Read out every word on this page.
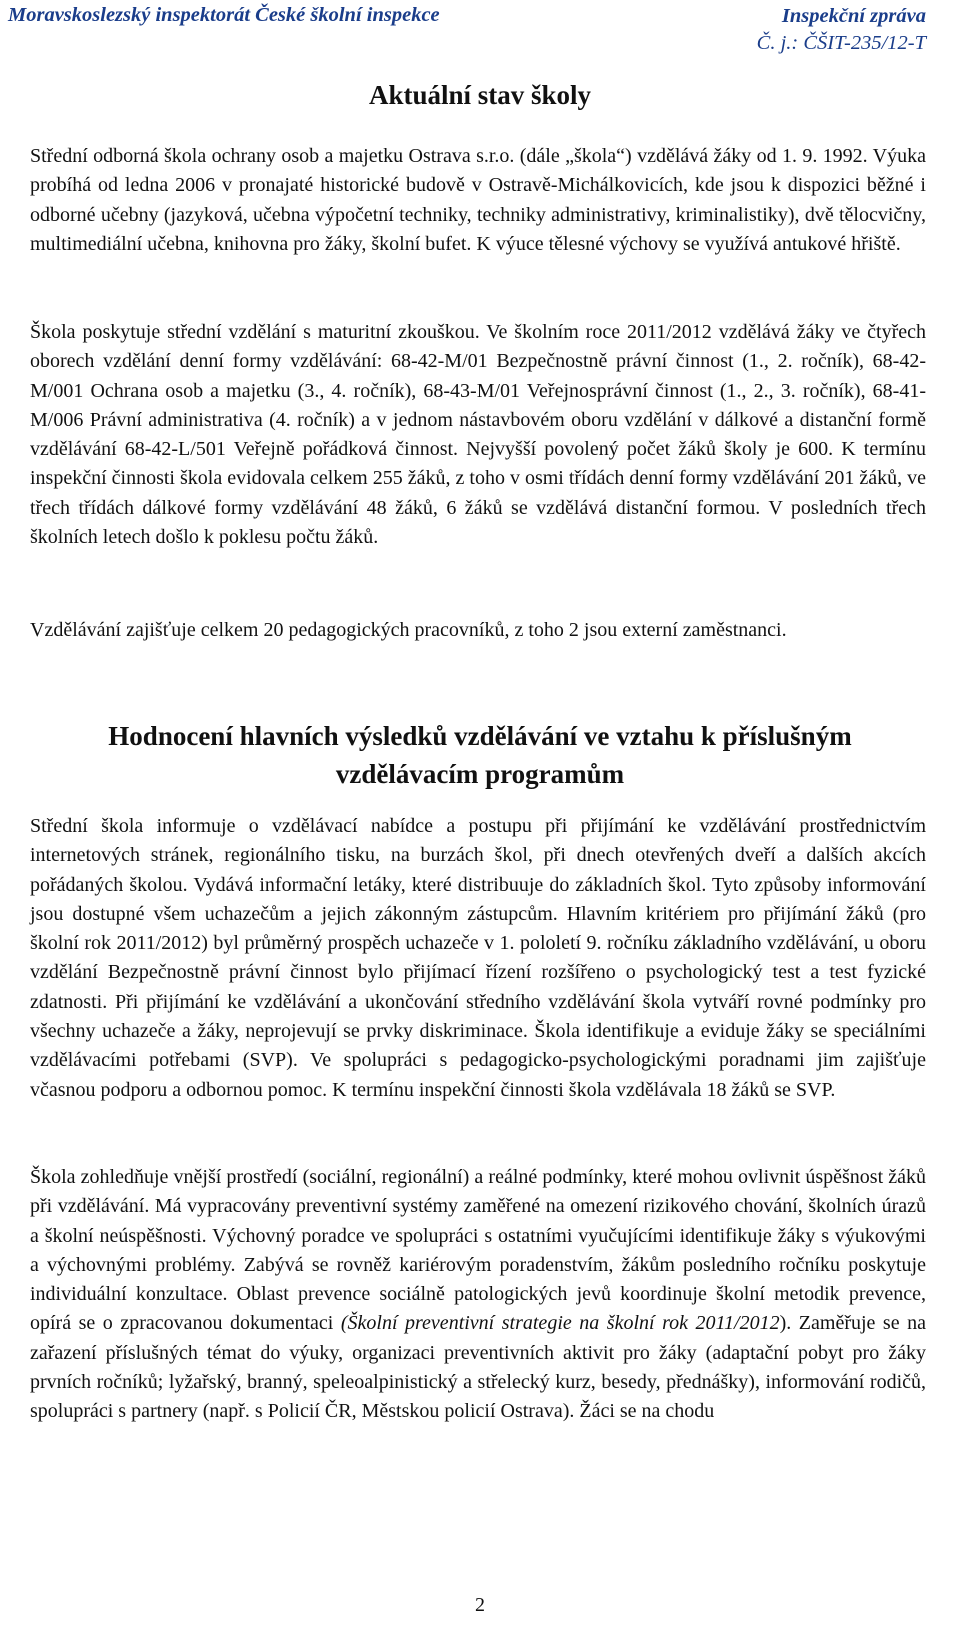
Moravskoslezský inspektorát České školní inspekce	Inspekční zpráva
Č. j.: ČŠIT-235/12-T
Aktuální stav školy

Střední odborná škola ochrany osob a majetku Ostrava s.r.o. (dále „škola“) vzdělává žáky od 1. 9. 1992. Výuka probíhá od ledna 2006 v pronajaté historické budově v Ostravě-Michálkovicích, kde jsou k dispozici běžné i odborné učebny (jazyková, učebna výpočetní techniky, techniky administrativy, kriminalistiky), dvě tělocvičny, multimediální učebna, knihovna pro žáky, školní bufet. K výuce tělesné výchovy se využívá antukové hřiště.

Škola poskytuje střední vzdělání s maturitní zkouškou. Ve školním roce 2011/2012 vzdělává žáky ve čtyřech oborech vzdělání denní formy vzdělávání: 68-42-M/01 Bezpečnostně právní činnost (1., 2. ročník), 68-42-M/001 Ochrana osob a majetku (3., 4. ročník), 68-43-M/01 Veřejnosprávní činnost (1., 2., 3. ročník), 68-41-M/006 Právní administrativa (4. ročník) a v jednom nástavbovém oboru vzdělání v dálkové a distanční formě vzdělávání 68-42-L/501 Veřejně pořádková činnost. Nejvyšší povolený počet žáků školy je 600. K termínu inspekční činnosti škola evidovala celkem 255 žáků, z toho v osmi třídách denní formy vzdělávání 201 žáků, ve třech třídách dálkové formy vzdělávání 48 žáků, 6 žáků se vzdělává distanční formou. V posledních třech školních letech došlo k poklesu počtu žáků.

Vzdělávání zajišťuje celkem 20 pedagogických pracovníků, z toho 2 jsou externí zaměstnanci.

Hodnocení hlavních výsledků vzdělávání ve vztahu k příslušným
vzdělávacím programům

Střední škola informuje o vzdělávací nabídce a postupu při přijímání ke vzdělávání prostřednictvím internetových stránek, regionálního tisku, na burzách škol, při dnech otevřených dveří a dalších akcích pořádaných školou. Vydává informační letáky, které distribuuje do základních škol. Tyto způsoby informování jsou dostupné všem uchazečům a jejich zákonným zástupcům. Hlavním kritériem pro přijímání žáků (pro školní rok 2011/2012) byl průměrný prospěch uchazeče v 1. pololetí 9. ročníku základního vzdělávání, u oboru vzdělání Bezpečnostně právní činnost bylo přijímací řízení rozšířeno o psychologický test a test fyzické zdatnosti. Při přijímání ke vzdělávání a ukončování středního vzdělávání škola vytváří rovné podmínky pro všechny uchazeče a žáky, neprojevují se prvky diskriminace. Škola identifikuje a eviduje žáky se speciálními vzdělávacími potřebami (SVP). Ve spolupráci s pedagogicko-psychologickými poradnami jim zajišťuje včasnou podporu a odbornou pomoc. K termínu inspekční činnosti škola vzdělávala 18 žáků se SVP.

Škola zohledňuje vnější prostředí (sociální, regionální) a reálné podmínky, které mohou ovlivnit úspěšnost žáků při vzdělávání. Má vypracovány preventivní systémy zaměřené na omezení rizikového chování, školních úrazů a školní neúspěšnosti. Výchovný poradce ve spolupráci s ostatními vyučujícími identifikuje žáky s výukovými a výchovnými problémy. Zabývá se rovněž kariérovým poradenstvím, žákům posledního ročníku poskytuje individuální konzultace. Oblast prevence sociálně patologických jevů koordinuje školní metodik prevence, opírá se o zpracovanou dokumentaci (Školní preventivní strategie na školní rok 2011/2012). Zaměřuje se na zařazení příslušných témat do výuky, organizaci preventivních aktivit pro žáky (adaptační pobyt pro žáky prvních ročníků; lyžařský, branný, speleoalpinistický a střelecký kurz, besedy, přednášky), informování rodičů, spolupráci s partnery (např. s Policií ČR, Městskou policií Ostrava). Žáci se na chodu

2
